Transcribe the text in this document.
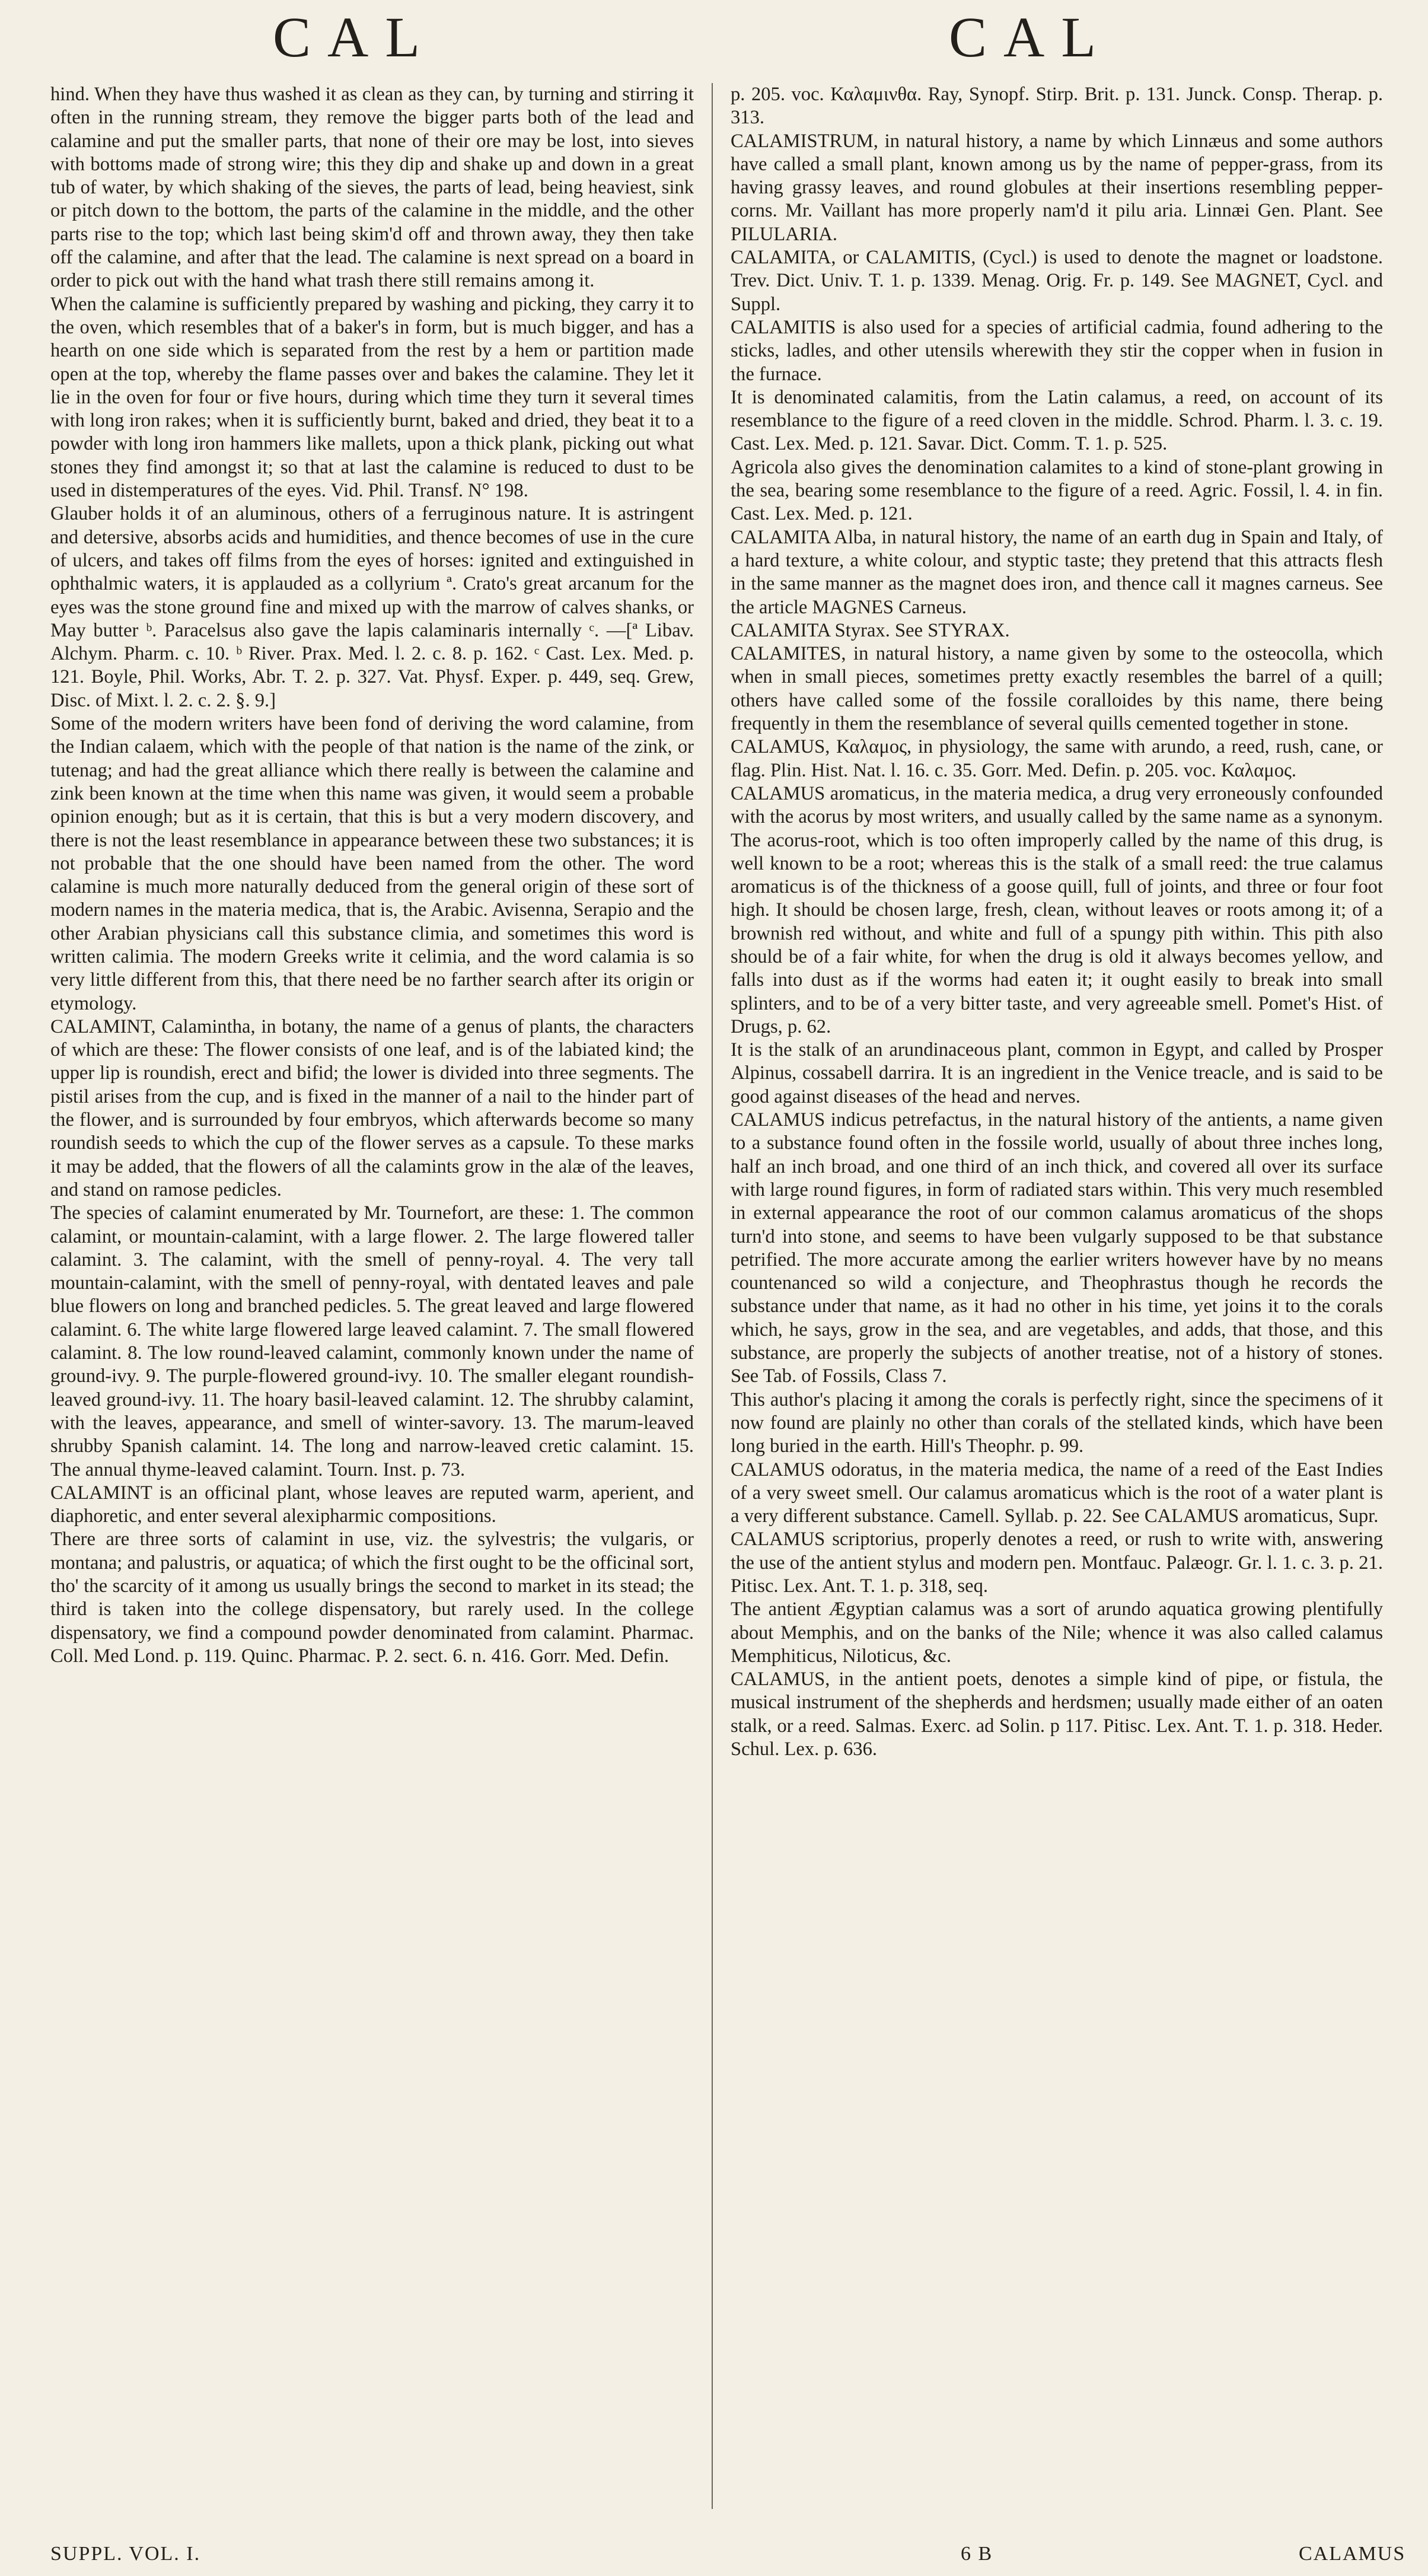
CAL	CAL

hind. When they have thus washed it as clean as they can, by turning and stirring it often in the running stream, they remove the bigger parts both of the lead and calamine and put the smaller parts, that none of their ore may be lost, into sieves with bottoms made of strong wire; this they dip and shake up and down in a great tub of water, by which shaking of the sieves, the parts of lead, being heaviest, sink or pitch down to the bottom, the parts of the calamine in the middle, and the other parts rise to the top; which last being skim'd off and thrown away, they then take off the calamine, and after that the lead. The calamine is next spread on a board in order to pick out with the hand what trash there still remains among it.

When the calamine is sufficiently prepared by washing and picking, they carry it to the oven, which resembles that of a baker's in form, but is much bigger, and has a hearth on one side which is separated from the rest by a hem or partition made open at the top, whereby the flame passes over and bakes the calamine. They let it lie in the oven for four or five hours, during which time they turn it several times with long iron rakes; when it is sufficiently burnt, baked and dried, they beat it to a powder with long iron hammers like mallets, upon a thick plank, picking out what stones they find amongst it; so that at last the calamine is reduced to dust to be used in distemperatures of the eyes. Vid. Phil. Transf. N° 198.

Glauber holds it of an aluminous, others of a ferruginous nature. It is astringent and detersive, absorbs acids and humidities, and thence becomes of use in the cure of ulcers, and takes off films from the eyes of horses: ignited and extinguished in ophthalmic waters, it is applauded as a collyrium ª. Crato's great arcanum for the eyes was the stone ground fine and mixed up with the marrow of calves shanks, or May butter ᵇ. Paracelsus also gave the lapis calaminaris internally ᶜ. —[ª Libav. Alchym. Pharm. c. 10. ᵇ River. Prax. Med. l. 2. c. 8. p. 162. ᶜ Cast. Lex. Med. p. 121. Boyle, Phil. Works, Abr. T. 2. p. 327. Vat. Physf. Exper. p. 449, seq. Grew, Disc. of Mixt. l. 2. c. 2. §. 9.]

Some of the modern writers have been fond of deriving the word calamine, from the Indian calaem, which with the people of that nation is the name of the zink, or tutenag; and had the great alliance which there really is between the calamine and zink been known at the time when this name was given, it would seem a probable opinion enough; but as it is certain, that this is but a very modern discovery, and there is not the least resemblance in appearance between these two substances; it is not probable that the one should have been named from the other. The word calamine is much more naturally deduced from the general origin of these sort of modern names in the materia medica, that is, the Arabic. Avisenna, Serapio and the other Arabian physicians call this substance climia, and sometimes this word is written calimia. The modern Greeks write it celimia, and the word calamia is so very little different from this, that there need be no farther search after its origin or etymology.

CALAMINT, Calamintha, in botany, the name of a genus of plants, the characters of which are these: The flower consists of one leaf, and is of the labiated kind; the upper lip is roundish, erect and bifid; the lower is divided into three segments. The pistil arises from the cup, and is fixed in the manner of a nail to the hinder part of the flower, and is surrounded by four embryos, which afterwards become so many roundish seeds to which the cup of the flower serves as a capsule. To these marks it may be added, that the flowers of all the calamints grow in the alæ of the leaves, and stand on ramose pedicles.

The species of calamint enumerated by Mr. Tournefort, are these: 1. The common calamint, or mountain-calamint, with a large flower. 2. The large flowered taller calamint. 3. The calamint, with the smell of penny-royal. 4. The very tall mountain-calamint, with the smell of penny-royal, with dentated leaves and pale blue flowers on long and branched pedicles. 5. The great leaved and large flowered calamint. 6. The white large flowered large leaved calamint. 7. The small flowered calamint. 8. The low round-leaved calamint, commonly known under the name of ground-ivy. 9. The purple-flowered ground-ivy. 10. The smaller elegant roundish-leaved ground-ivy. 11. The hoary basil-leaved calamint. 12. The shrubby calamint, with the leaves, appearance, and smell of winter-savory. 13. The marum-leaved shrubby Spanish calamint. 14. The long and narrow-leaved cretic calamint. 15. The annual thyme-leaved calamint. Tourn. Inst. p. 73.

CALAMINT is an officinal plant, whose leaves are reputed warm, aperient, and diaphoretic, and enter several alexipharmic compositions.

There are three sorts of calamint in use, viz. the sylvestris; the vulgaris, or montana; and palustris, or aquatica; of which the first ought to be the officinal sort, tho' the scarcity of it among us usually brings the second to market in its stead; the third is taken into the college dispensatory, but rarely used. In the college dispensatory, we find a compound powder denominated from calamint. Pharmac. Coll. Med Lond. p. 119. Quinc. Pharmac. P. 2. sect. 6. n. 416. Gorr. Med. Defin.

p. 205. voc. Καλαμινθα. Ray, Synopf. Stirp. Brit. p. 131. Junck. Consp. Therap. p. 313.

CALAMISTRUM, in natural history, a name by which Linnæus and some authors have called a small plant, known among us by the name of pepper-grass, from its having grassy leaves, and round globules at their insertions resembling pepper-corns. Mr. Vaillant has more properly nam'd it pilu aria. Linnæi Gen. Plant. See PILULARIA.

CALAMITA, or CALAMITIS, (Cycl.) is used to denote the magnet or loadstone. Trev. Dict. Univ. T. 1. p. 1339. Menag. Orig. Fr. p. 149. See MAGNET, Cycl. and Suppl.

CALAMITIS is also used for a species of artificial cadmia, found adhering to the sticks, ladles, and other utensils wherewith they stir the copper when in fusion in the furnace.

It is denominated calamitis, from the Latin calamus, a reed, on account of its resemblance to the figure of a reed cloven in the middle. Schrod. Pharm. l. 3. c. 19. Cast. Lex. Med. p. 121. Savar. Dict. Comm. T. 1. p. 525.

Agricola also gives the denomination calamites to a kind of stone-plant growing in the sea, bearing some resemblance to the figure of a reed. Agric. Fossil, l. 4. in fin. Cast. Lex. Med. p. 121.

CALAMITA Alba, in natural history, the name of an earth dug in Spain and Italy, of a hard texture, a white colour, and styptic taste; they pretend that this attracts flesh in the same manner as the magnet does iron, and thence call it magnes carneus. See the article MAGNES Carneus.

CALAMITA Styrax. See STYRAX.

CALAMITES, in natural history, a name given by some to the osteocolla, which when in small pieces, sometimes pretty exactly resembles the barrel of a quill; others have called some of the fossile coralloides by this name, there being frequently in them the resemblance of several quills cemented together in stone.

CALAMUS, Καλαμος, in physiology, the same with arundo, a reed, rush, cane, or flag. Plin. Hist. Nat. l. 16. c. 35. Gorr. Med. Defin. p. 205. voc. Καλαμος.

CALAMUS aromaticus, in the materia medica, a drug very erroneously confounded with the acorus by most writers, and usually called by the same name as a synonym. The acorus-root, which is too often improperly called by the name of this drug, is well known to be a root; whereas this is the stalk of a small reed: the true calamus aromaticus is of the thickness of a goose quill, full of joints, and three or four foot high. It should be chosen large, fresh, clean, without leaves or roots among it; of a brownish red without, and white and full of a spungy pith within. This pith also should be of a fair white, for when the drug is old it always becomes yellow, and falls into dust as if the worms had eaten it; it ought easily to break into small splinters, and to be of a very bitter taste, and very agreeable smell. Pomet's Hist. of Drugs, p. 62.

It is the stalk of an arundinaceous plant, common in Egypt, and called by Prosper Alpinus, cossabell darrira. It is an ingredient in the Venice treacle, and is said to be good against diseases of the head and nerves.

CALAMUS indicus petrefactus, in the natural history of the antients, a name given to a substance found often in the fossile world, usually of about three inches long, half an inch broad, and one third of an inch thick, and covered all over its surface with large round figures, in form of radiated stars within. This very much resembled in external appearance the root of our common calamus aromaticus of the shops turn'd into stone, and seems to have been vulgarly supposed to be that substance petrified. The more accurate among the earlier writers however have by no means countenanced so wild a conjecture, and Theophrastus though he records the substance under that name, as it had no other in his time, yet joins it to the corals which, he says, grow in the sea, and are vegetables, and adds, that those, and this substance, are properly the subjects of another treatise, not of a history of stones. See Tab. of Fossils, Class 7.

This author's placing it among the corals is perfectly right, since the specimens of it now found are plainly no other than corals of the stellated kinds, which have been long buried in the earth. Hill's Theophr. p. 99.

CALAMUS odoratus, in the materia medica, the name of a reed of the East Indies of a very sweet smell. Our calamus aromaticus which is the root of a water plant is a very different substance. Camell. Syllab. p. 22. See CALAMUS aromaticus, Supr.

CALAMUS scriptorius, properly denotes a reed, or rush to write with, answering the use of the antient stylus and modern pen. Montfauc. Palæogr. Gr. l. 1. c. 3. p. 21. Pitisc. Lex. Ant. T. 1. p. 318, seq.

The antient Ægyptian calamus was a sort of arundo aquatica growing plentifully about Memphis, and on the banks of the Nile; whence it was also called calamus Memphiticus, Niloticus, &c.

CALAMUS, in the antient poets, denotes a simple kind of pipe, or fistula, the musical instrument of the shepherds and herdsmen; usually made either of an oaten stalk, or a reed. Salmas. Exerc. ad Solin. p 117. Pitisc. Lex. Ant. T. 1. p. 318. Heder. Schul. Lex. p. 636.

SUPPL. VOL. I.	6 B	CALAMUS
